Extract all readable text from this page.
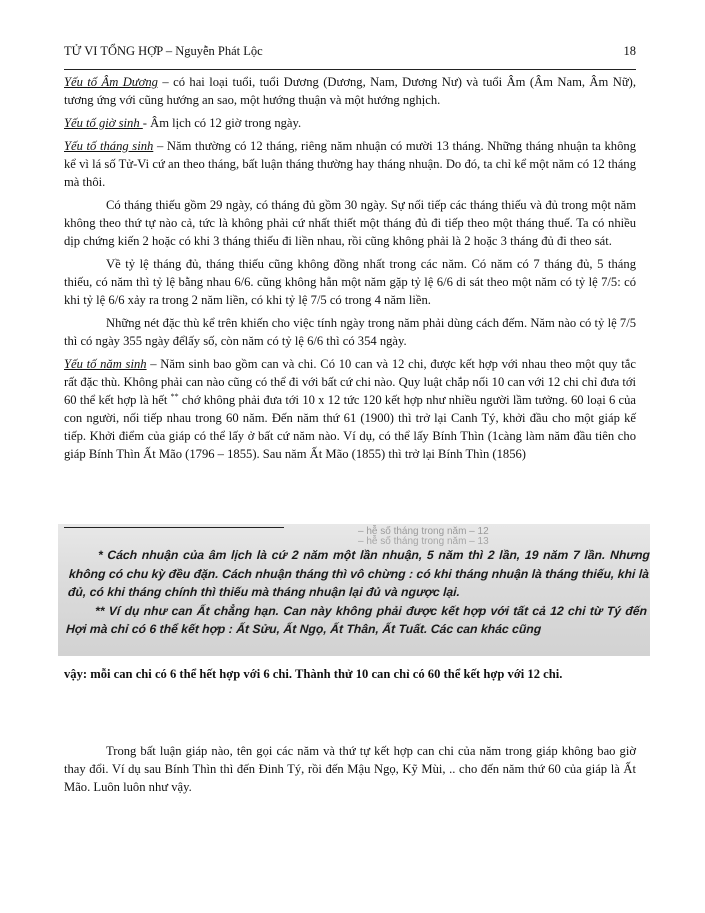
TỬ VI TỔNG HỢP – Nguyễn Phát Lộc	18

Yếu tố Âm Dương – có hai loại tuổi, tuổi Dương (Dương, Nam, Dương Nư) và tuổi Âm (Âm Nam, Âm Nữ), tương ứng với cũng hướng an sao, một hướng thuận và một hướng nghịch.

Yếu tố giờ sinh - Âm lịch có 12 giờ trong ngày.

Yếu tố tháng sinh – Năm thường có 12 tháng, riêng năm nhuận có mười 13 tháng. Những tháng nhuận ta không kể vì lá số Tử-Vi cứ an theo tháng, bất luận tháng thường hay tháng nhuận. Do đó, ta chỉ kể một năm có 12 tháng mà thôi.

Có tháng thiếu gồm 29 ngày, có tháng đủ gồm 30 ngày. Sự nối tiếp các tháng thiếu và đủ trong một năm không theo thứ tự nào cả, tức là không phải cứ nhất thiết một tháng đủ đi tiếp theo một tháng thuế. Ta có nhiều dịp chứng kiến 2 hoặc có khi 3 tháng thiếu đi liền nhau, rồi cũng không phải là 2 hoặc 3 tháng đủ đi theo sát.

Về tỷ lệ tháng đủ, tháng thiếu cũng không đồng nhất trong các năm. Có năm có 7 tháng đủ, 5 tháng thiếu, có năm thì tỷ lệ bằng nhau 6/6. cũng không hẳn một năm gặp tỷ lệ 6/6 di sát theo một năm có tỷ lệ 7/5: có khi tỷ lệ 6/6 xảy ra trong 2 năm liền, có khi tỷ lệ 7/5 có trong 4 năm liền.

Những nét đặc thù kể trên khiến cho việc tính ngày trong năm phải dùng cách đếm. Năm nào có tỷ lệ 7/5 thì có ngày 355 ngày đểlấy số, còn năm có tỷ lệ 6/6 thì có 354 ngày.

Yếu tố năm sinh – Năm sinh bao gồm can và chi. Có 10 can và 12 chi, được kết hợp với nhau theo một quy tắc rất đặc thù. Không phải can nào cũng có thể đi với bất cứ chi nào. Quy luật chắp nối 10 can với 12 chi chỉ đưa tới 60 thể kết hợp là hết ** chớ không phải đưa tới 10 x 12 tức 120 kết hợp như nhiều người lầm tưởng. 60 loại 6 của con người, nối tiếp nhau trong 60 năm. Đến năm thứ 61 (1900) thì trở lại Canh Tý, khởi đầu cho một giáp kế tiếp. Khởi điểm của giáp có thể lấy ở bất cứ năm nào. Ví dụ, có thể lấy Bính Thìn (1càng làm năm đầu tiên cho giáp Bính Thìn Ất Mão (1796 – 1855). Sau năm Ất Mão (1855) thì trở lại Bính Thìn (1856)

– hễ số tháng trong năm – 12
– hễ số tháng trong năm – 13

* Cách nhuận của âm lịch là cứ 2 năm một lần nhuận, 5 năm thì 2 lần, 19 năm 7 lần. Nhưng không có chu kỳ đều đặn. Cách nhuận tháng thì vô chừng : có khi tháng nhuận là tháng thiếu, khi là đủ, có khi tháng chính thì thiếu mà tháng nhuận lại đủ và ngược lại.

** Ví dụ như can Ất chẳng hạn. Can này không phải được kết hợp với tất cả 12 chi từ Tý đến Hợi mà chỉ có 6 thể kết hợp : Ất Sửu, Ất Ngọ, Ất Thân, Ất Tuất. Các can khác cũng

vậy: mỗi can chi có 6 thể hết hợp với 6 chi. Thành thử 10 can chỉ có 60 thể kết hợp với 12 chi.

Trong bất luận giáp nào, tên gọi các năm và thứ tự kết hợp can chi của năm trong giáp không bao giờ thay đổi. Ví dụ sau Bính Thìn thì đến Đinh Tý, rồi đến Mậu Ngọ, Kỹ Mùi, .. cho đến năm thứ 60 của giáp là Ất Mão. Luôn luôn như vậy.
